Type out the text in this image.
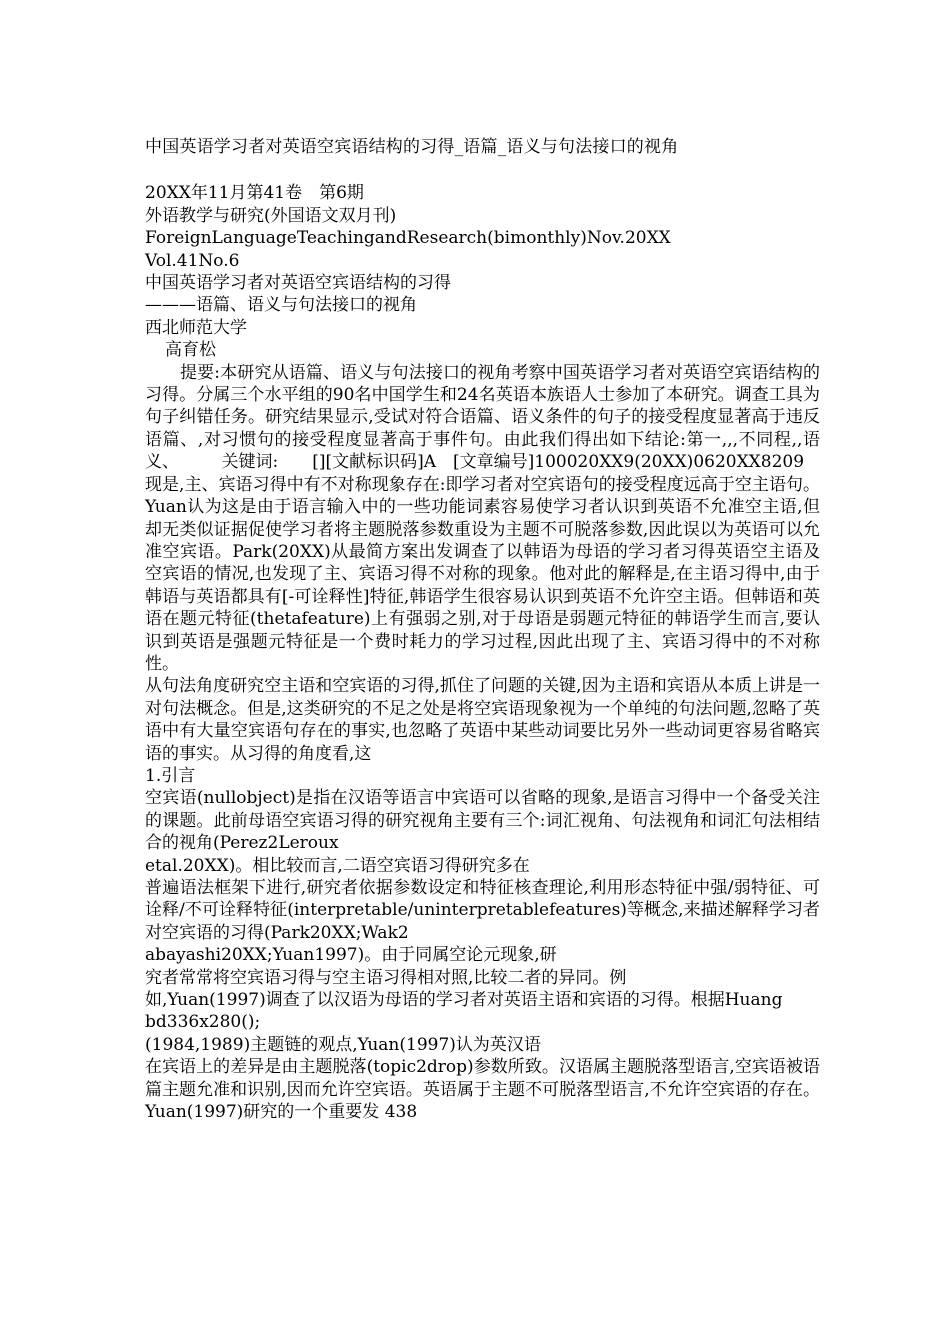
中国英语学习者对英语空宾语结构的习得_语篇_语义与句法接口的视角
20XX年11月第41卷　第6期
外语教学与研究(外国语文双月刊)
ForeignLanguageTeachingandResearch(bimonthly)Nov.20XX
Vol.41No.6
中国英语学习者对英语空宾语结构的习得
———语篇、语义与句法接口的视角
西北师范大学
高育松
提要:本研究从语篇、语义与句法接口的视角考察中国英语学习者对英语空宾语结构的习得。分属三个水平组的90名中国学生和24名英语本族语人士参加了本研究。调查工具为句子纠错任务。研究结果显示,受试对符合语篇、语义条件的句子的接受程度显著高于违反语篇、,对习惯句的接受程度显著高于事件句。由此我们得出如下结论:第一,,,不同程,,语义、　　　关键词:　　[][文献标识码]A　[文章编号]100020XX9(20XX)0620XX8209
现是,主、宾语习得中有不对称现象存在:即学习者对空宾语句的接受程度远高于空主语句。Yuan认为这是由于语言输入中的一些功能词素容易使学习者认识到英语不允准空主语,但却无类似证据促使学习者将主题脱落参数重设为主题不可脱落参数,因此误以为英语可以允准空宾语。Park(20XX)从最简方案出发调查了以韩语为母语的学习者习得英语空主语及空宾语的情况,也发现了主、宾语习得不对称的现象。他对此的解释是,在主语习得中,由于韩语与英语都具有[-可诠释性]特征,韩语学生很容易认识到英语不允许空主语。但韩语和英语在题元特征(thetafeature)上有强弱之别,对于母语是弱题元特征的韩语学生而言,要认识到英语是强题元特征是一个费时耗力的学习过程,因此出现了主、宾语习得中的不对称性。
从句法角度研究空主语和空宾语的习得,抓住了问题的关键,因为主语和宾语从本质上讲是一对句法概念。但是,这类研究的不足之处是将空宾语现象视为一个单纯的句法问题,忽略了英语中有大量空宾语句存在的事实,也忽略了英语中某些动词要比另外一些动词更容易省略宾语的事实。从习得的角度看,这
1.引言
空宾语(nullobject)是指在汉语等语言中宾语可以省略的现象,是语言习得中一个备受关注的课题。此前母语空宾语习得的研究视角主要有三个:词汇视角、句法视角和词汇句法相结合的视角(Perez2Leroux
etal.20XX)。相比较而言,二语空宾语习得研究多在
普遍语法框架下进行,研究者依据参数设定和特征核查理论,利用形态特征中强/弱特征、可诠释/不可诠释特征(interpretable/uninterpretablefeatures)等概念,来描述解释学习者对空宾语的习得(Park20XX;Wak2
abayashi20XX;Yuan1997)。由于同属空论元现象,研
究者常常将空宾语习得与空主语习得相对照,比较二者的异同。例
如,Yuan(1997)调查了以汉语为母语的学习者对英语主语和宾语的习得。根据Huang
bd336x280();
(1984,1989)主题链的观点,Yuan(1997)认为英汉语
在宾语上的差异是由主题脱落(topic2drop)参数所致。汉语属主题脱落型语言,空宾语被语篇主题允准和识别,因而允许空宾语。英语属于主题不可脱落型语言,不允许空宾语的存在。Yuan(1997)研究的一个重要发 438
